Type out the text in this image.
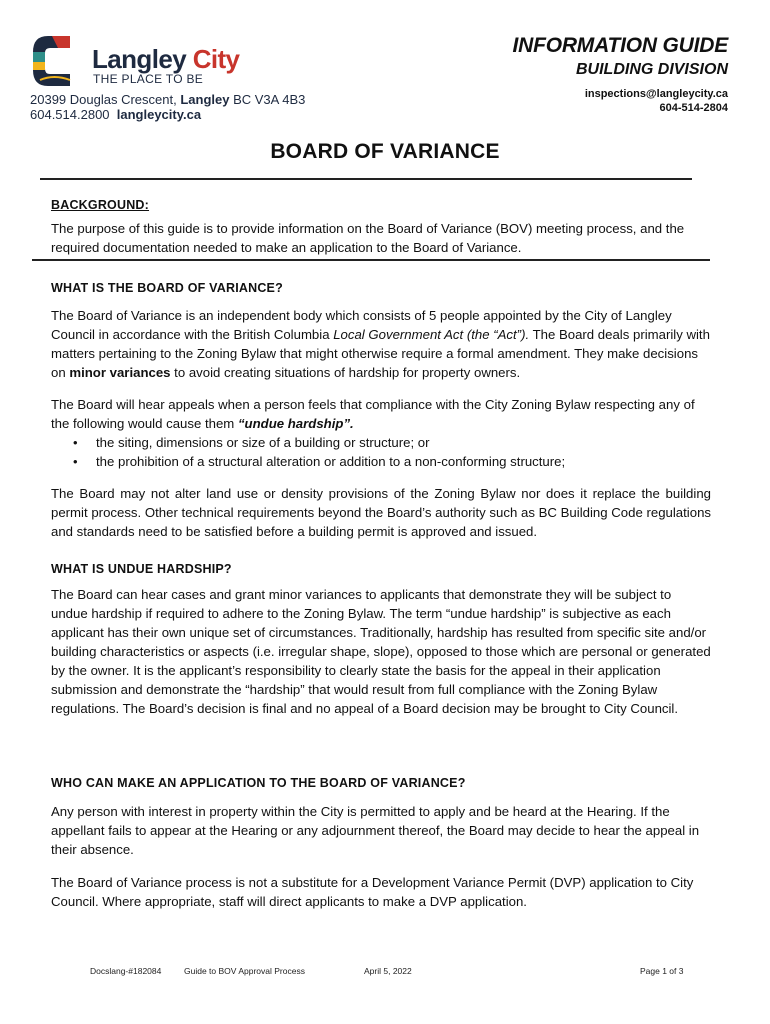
Langley City
THE PLACE TO BE
20399 Douglas Crescent, Langley BC V3A 4B3
604.514.2800 langleycity.ca
INFORMATION GUIDE
BUILDING DIVISION
inspections@langleycity.ca
604-514-2804
BOARD OF VARIANCE
BACKGROUND:

The purpose of this guide is to provide information on the Board of Variance (BOV) meeting process, and the required documentation needed to make an application to the Board of Variance.

WHAT IS THE BOARD OF VARIANCE?

The Board of Variance is an independent body which consists of 5 people appointed by the City of Langley Council in accordance with the British Columbia Local Government Act (the “Act”). The Board deals primarily with matters pertaining to the Zoning Bylaw that might otherwise require a formal amendment. They make decisions on minor variances to avoid creating situations of hardship for property owners.

The Board will hear appeals when a person feels that compliance with the City Zoning Bylaw respecting any of the following would cause them “undue hardship”.

• the siting, dimensions or size of a building or structure; or
• the prohibition of a structural alteration or addition to a non-conforming structure;

The Board may not alter land use or density provisions of the Zoning Bylaw nor does it replace the building permit process. Other technical requirements beyond the Board’s authority such as BC Building Code regulations and standards need to be satisfied before a building permit is approved and issued.

WHAT IS UNDUE HARDSHIP?

The Board can hear cases and grant minor variances to applicants that demonstrate they will be subject to undue hardship if required to adhere to the Zoning Bylaw. The term “undue hardship” is subjective as each applicant has their own unique set of circumstances. Traditionally, hardship has resulted from specific site and/or building characteristics or aspects (i.e. irregular shape, slope), opposed to those which are personal or generated by the owner. It is the applicant’s responsibility to clearly state the basis for the appeal in their application submission and demonstrate the “hardship” that would result from full compliance with the Zoning Bylaw regulations. The Board’s decision is final and no appeal of a Board decision may be brought to City Council.

WHO CAN MAKE AN APPLICATION TO THE BOARD OF VARIANCE?

Any person with interest in property within the City is permitted to apply and be heard at the Hearing. If the appellant fails to appear at the Hearing or any adjournment thereof, the Board may decide to hear the appeal in their absence.

The Board of Variance process is not a substitute for a Development Variance Permit (DVP) application to City Council. Where appropriate, staff will direct applicants to make a DVP application.

Docslang-#182084	Guide to BOV Approval Process	April 5, 2022	Page 1 of 3
